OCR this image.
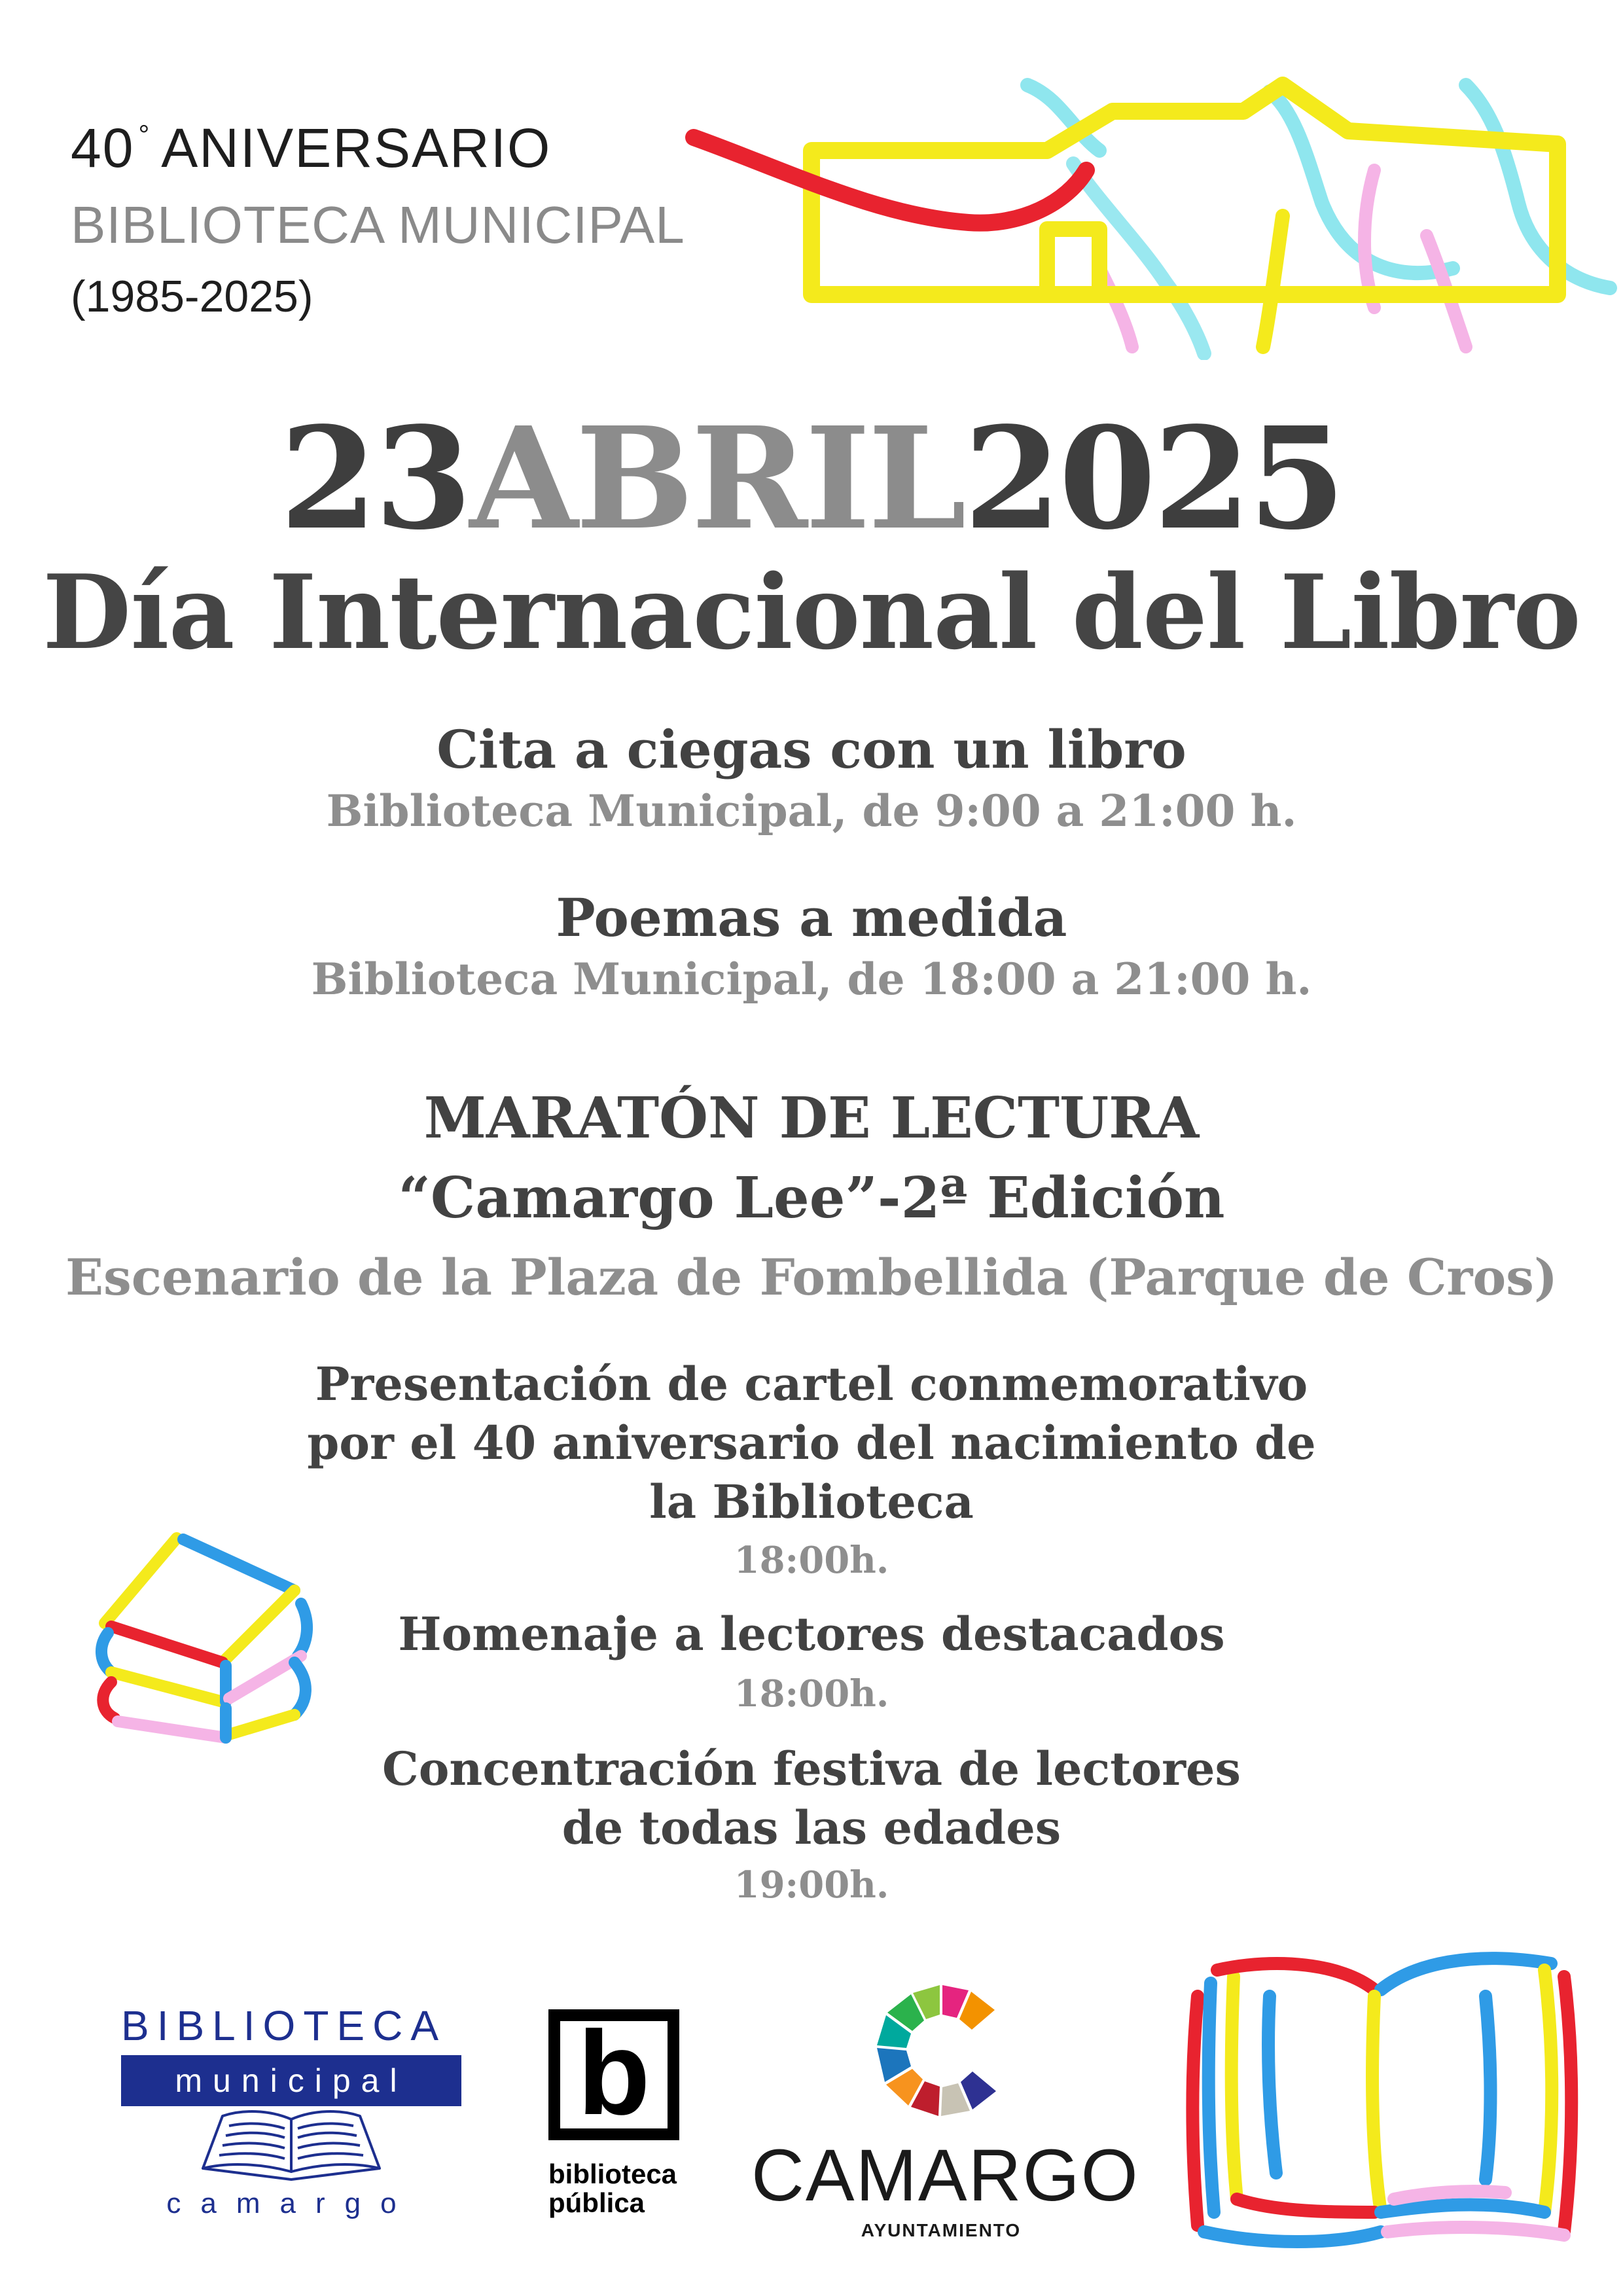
40 ° ANIVERSARIO
BIBLIOTECA MUNICIPAL
(1985-2025)
23ABRIL2025
Día Internacional del Libro
Cita a ciegas con un libro
Biblioteca Municipal, de 9:00 a 21:00 h.
Poemas a medida
Biblioteca Municipal, de 18:00 a 21:00 h.
MARATÓN DE LECTURA
“Camargo Lee”-2ª Edición
Escenario de la Plaza de Fombellida (Parque de Cros)
Presentación de cartel conmemorativo
por el 40 aniversario del nacimiento de
la Biblioteca
18:00h.
Homenaje a lectores destacados
18:00h.
Concentración festiva de lectores
de todas las edades
19:00h.
BIBLIOTECA
municipal
camargo
b
biblioteca
pública CAMARGO
AYUNTAMIENTO
